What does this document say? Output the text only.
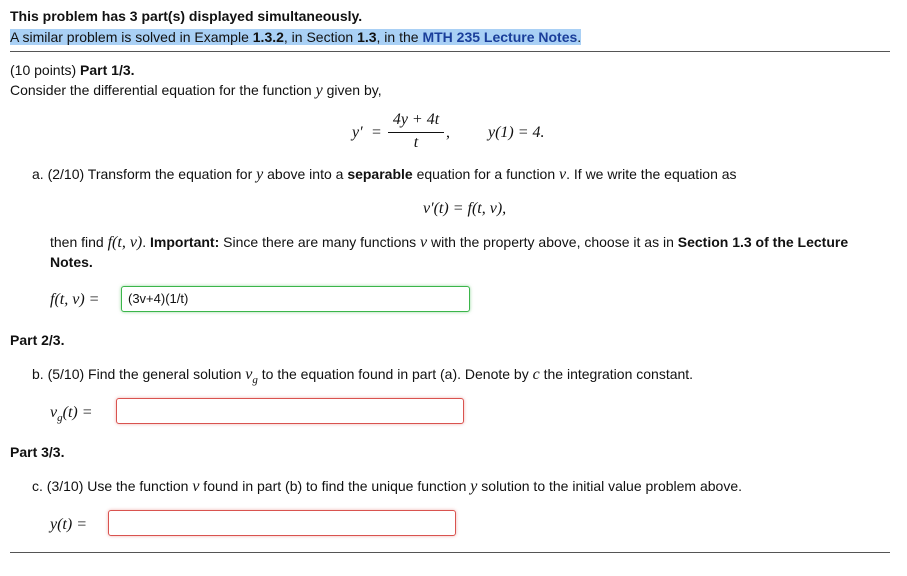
This problem has 3 part(s) displayed simultaneously.
A similar problem is solved in Example 1.3.2, in Section 1.3, in the MTH 235 Lecture Notes.
(10 points) Part 1/3.
Consider the differential equation for the function y given by,
y′ =
4y + 4t
t
, y(1) = 4.
a. (2/10) Transform the equation for y above into a separable equation for a function v. If we write the equation as
v′(t) = f(t, v),
then find f(t, v). Important: Since there are many functions v with the property above, choose it as in Section 1.3 of the Lecture
Notes.
f(t, v) =	(3v+4)(1/t)
Part 2/3.
b. (5/10) Find the general solution $v_g$ to the equation found in part (a). Denote by c the integration constant.
$v_g(t)$ =
Part 3/3.
c. (3/10) Use the function v found in part (b) to find the unique function y solution to the initial value problem above.
y(t) =
